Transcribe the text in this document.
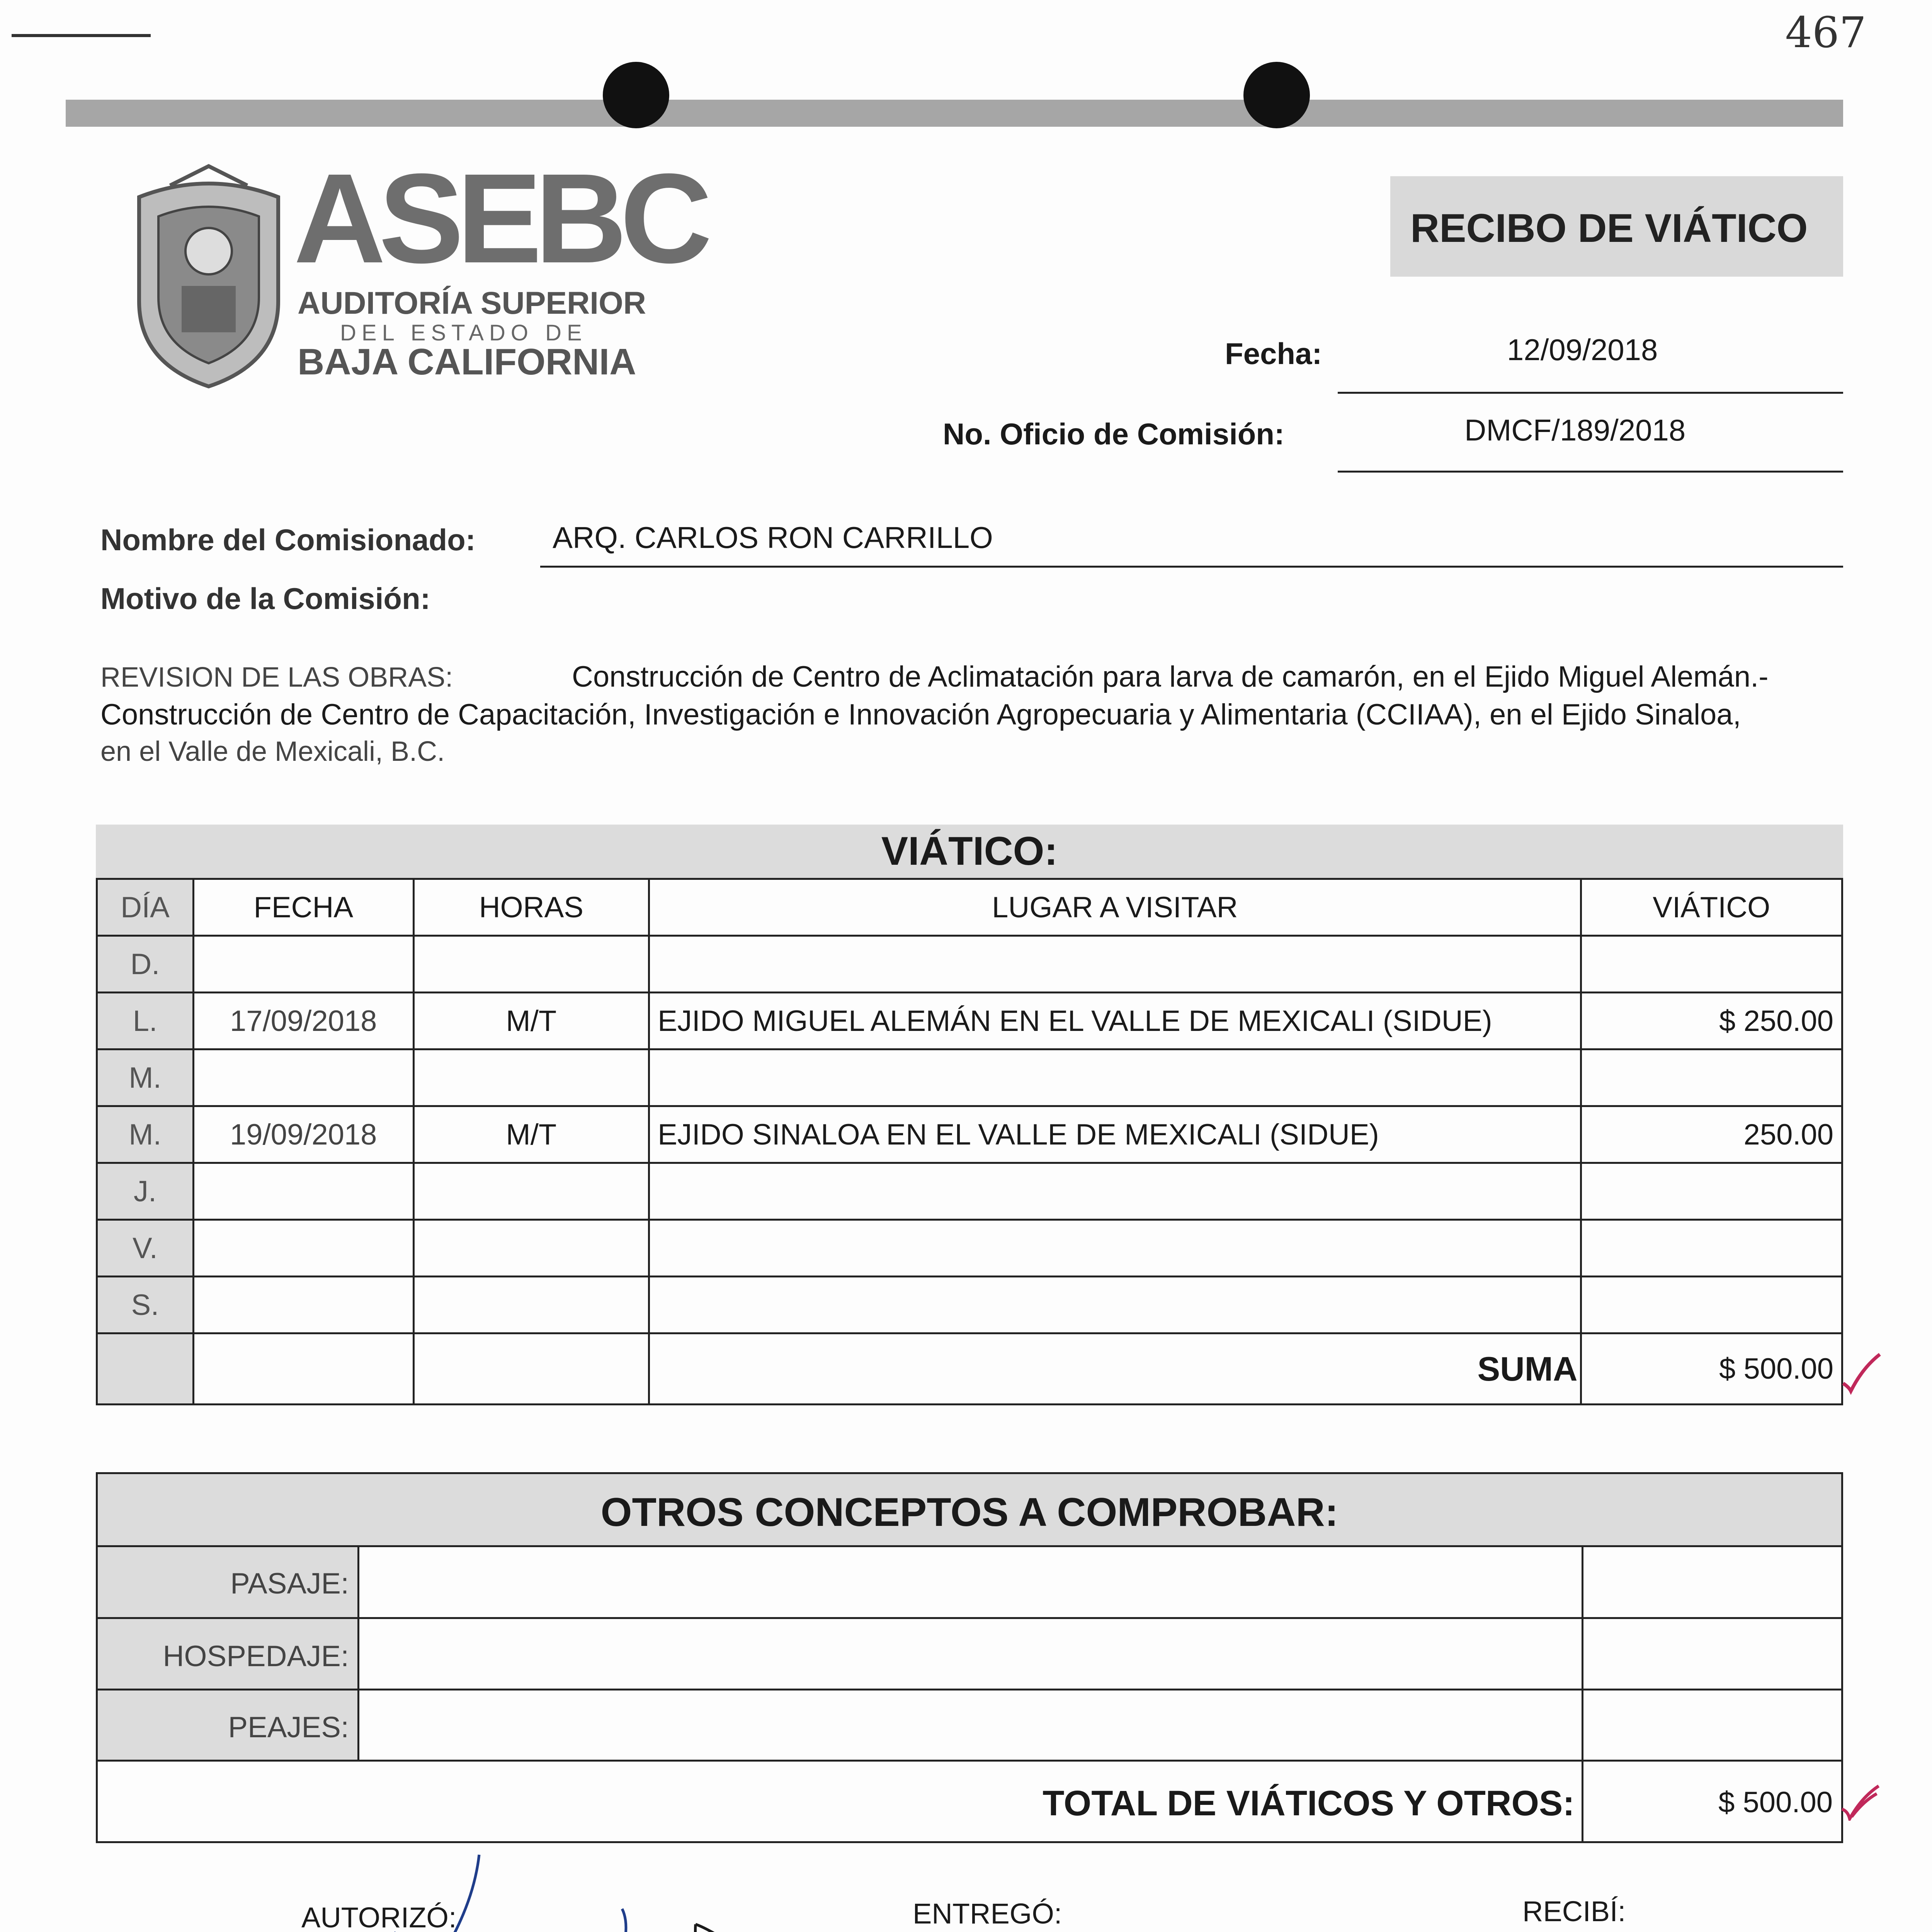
467
ASEBC
AUDITORÍA SUPERIOR
DEL ESTADO DE
BAJA CALIFORNIA
RECIBO DE VIÁTICO
Fecha:	12/09/2018
No. Oficio de Comisión:	DMCF/189/2018
Nombre del Comisionado:	ARQ. CARLOS RON CARRILLO
Motivo de la Comisión:
REVISION DE LAS OBRAS:	Construcción de Centro de Aclimatación para larva de camarón, en el Ejido Miguel Alemán.-
Construcción de Centro de Capacitación, Investigación e Innovación Agropecuaria y Alimentaria (CCIIAA), en el Ejido Sinaloa,
en el Valle de Mexicali, B.C.
VIÁTICO:
DÍA	FECHA	HORAS	LUGAR A VISITAR	VIÁTICO
D.				
L.	17/09/2018	M/T	EJIDO MIGUEL ALEMÁN EN EL VALLE DE MEXICALI (SIDUE)	$ 250.00
M.				
M.	19/09/2018	M/T	EJIDO SINALOA EN EL VALLE DE MEXICALI (SIDUE)	250.00
J.				
V.				
S.				
			SUMA	$ 500.00
OTROS CONCEPTOS A COMPROBAR:
PASAJE:
HOSPEDAJE:
PEAJES:
TOTAL DE VIÁTICOS Y OTROS:	$ 500.00
AUTORIZÓ:	ENTREGÓ:	RECIBÍ:
